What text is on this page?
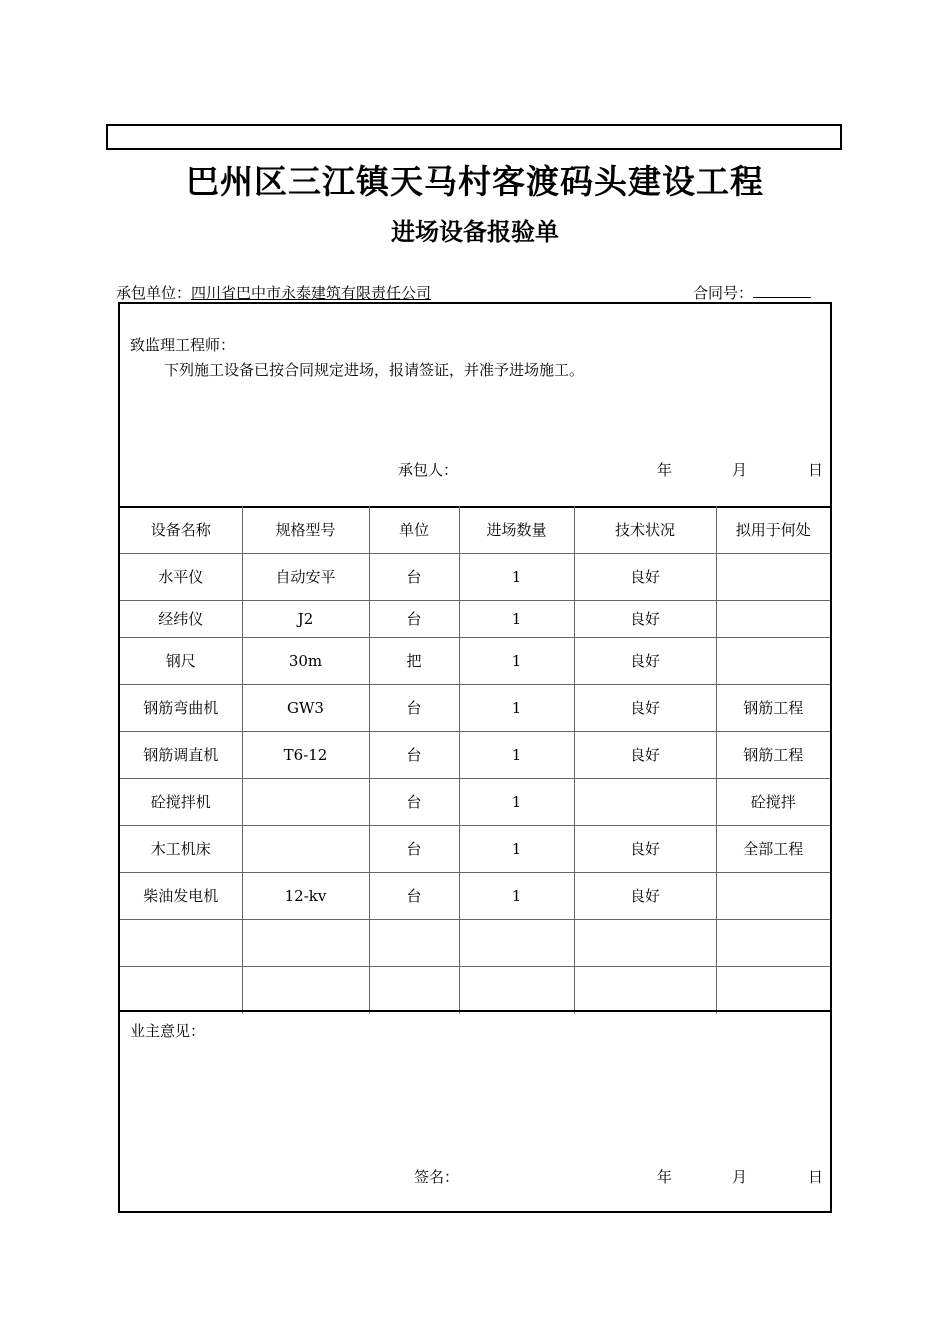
巴州区三江镇天马村客渡码头建设工程
进场设备报验单
承包单位：四川省巴中市永泰建筑有限责任公司	合同号：
致监理工程师：
下列施工设备已按合同规定进场，报请签证，并准予进场施工。
承包人：	年	月	日
设备名称	规格型号	单位	进场数量	技术状况	拟用于何处
水平仪	自动安平	台	1	良好	
经纬仪	J2	台	1	良好	
钢尺	30m	把	1	良好	
钢筋弯曲机	GW3	台	1	良好	钢筋工程
钢筋调直机	T6-12	台	1	良好	钢筋工程
砼搅拌机		台	1		砼搅拌
木工机床		台	1	良好	全部工程
柴油发电机	12-kv	台	1	良好	

业主意见：
签名：	年	月	日
